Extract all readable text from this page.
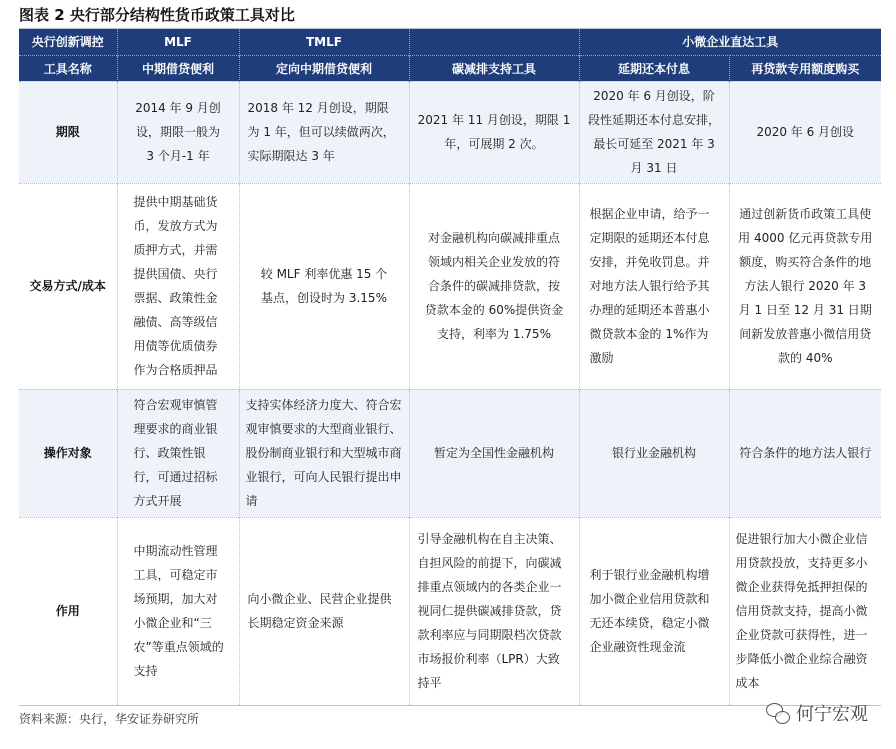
图表 2 央行部分结构性货币政策工具对比
央行创新调控	MLF	TMLF		小微企业直达工具	
工具名称	中期借贷便利	定向中期借贷便利	碳减排支持工具	延期还本付息	再贷款专用额度购买
期限	2014 年 9 月创设，期限一般为 3 个月-1 年	2018 年 12 月创设，期限为 1 年，但可以续做两次，实际期限达 3 年	2021 年 11 月创设，期限 1 年，可展期 2 次。	2020 年 6 月创设，阶段性延期还本付息安排，最长可延至 2021 年 3 月 31 日	2020 年 6 月创设
交易方式/成本	提供中期基础货币，发放方式为质押方式，并需提供国债、央行票据、政策性金融债、高等级信用债等优质债券作为合格质押品	较 MLF 利率优惠 15 个基点，创设时为 3.15%	对金融机构向碳减排重点领域内相关企业发放的符合条件的碳减排贷款，按贷款本金的 60%提供资金支持，利率为 1.75%	根据企业申请，给予一定期限的延期还本付息安排，并免收罚息。并对地方法人银行给予其办理的延期还本普惠小微贷款本金的 1%作为激励	通过创新货币政策工具使用 4000 亿元再贷款专用额度，购买符合条件的地方法人银行 2020 年 3 月 1 日至 12 月 31 日期间新发放普惠小微信用贷款的 40%
操作对象	符合宏观审慎管理要求的商业银行、政策性银行，可通过招标方式开展	支持实体经济力度大、符合宏观审慎要求的大型商业银行、股份制商业银行和大型城市商业银行，可向人民银行提出申请	暂定为全国性金融机构	银行业金融机构	符合条件的地方法人银行
作用	中期流动性管理工具，可稳定市场预期，加大对小微企业和“三农”等重点领域的支持	向小微企业、民营企业提供长期稳定资金来源	引导金融机构在自主决策、自担风险的前提下，向碳减排重点领域内的各类企业一视同仁提供碳减排贷款，贷款利率应与同期限档次贷款市场报价利率（LPR）大致持平	利于银行业金融机构增加小微企业信用贷款和无还本续贷，稳定小微企业融资性现金流	促进银行加大小微企业信用贷款投放，支持更多小微企业获得免抵押担保的信用贷款支持，提高小微企业贷款可获得性，进一步降低小微企业综合融资成本
资料来源：央行，华安证券研究所	何宁宏观
